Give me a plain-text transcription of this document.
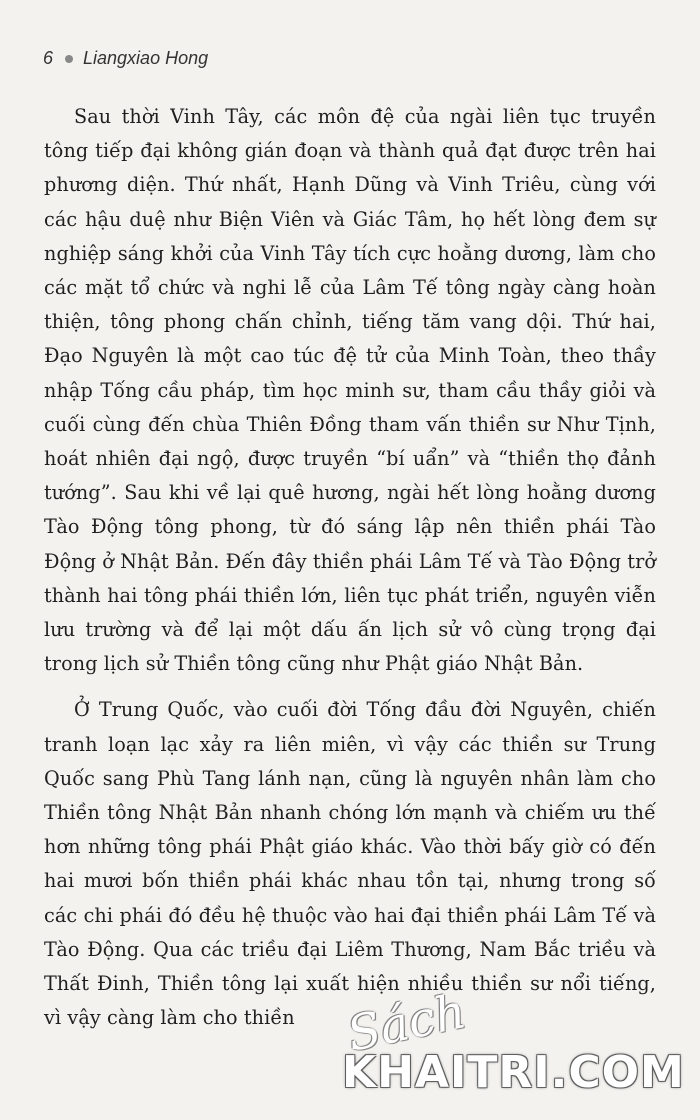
6 Liangxiao Hong

Sau thời Vinh Tây, các môn đệ của ngài liên tục truyền tông tiếp đại không gián đoạn và thành quả đạt được trên hai phương diện. Thứ nhất, Hạnh Dũng và Vinh Triêu, cùng với các hậu duệ như Biện Viên và Giác Tâm, họ hết lòng đem sự nghiệp sáng khởi của Vinh Tây tích cực hoằng dương, làm cho các mặt tổ chức và nghi lễ của Lâm Tế tông ngày càng hoàn thiện, tông phong chấn chỉnh, tiếng tăm vang dội. Thứ hai, Đạo Nguyên là một cao túc đệ tử của Minh Toàn, theo thầy nhập Tống cầu pháp, tìm học minh sư, tham cầu thầy giỏi và cuối cùng đến chùa Thiên Đồng tham vấn thiền sư Như Tịnh, hoát nhiên đại ngộ, được truyền “bí uẩn” và “thiền thọ đảnh tướng”. Sau khi về lại quê hương, ngài hết lòng hoằng dương Tào Động tông phong, từ đó sáng lập nên thiền phái Tào Động ở Nhật Bản. Đến đây thiền phái Lâm Tế và Tào Động trở thành hai tông phái thiền lớn, liên tục phát triển, nguyên viễn lưu trường và để lại một dấu ấn lịch sử vô cùng trọng đại trong lịch sử Thiền tông cũng như Phật giáo Nhật Bản.

Ở Trung Quốc, vào cuối đời Tống đầu đời Nguyên, chiến tranh loạn lạc xảy ra liên miên, vì vậy các thiền sư Trung Quốc sang Phù Tang lánh nạn, cũng là nguyên nhân làm cho Thiền tông Nhật Bản nhanh chóng lớn mạnh và chiếm ưu thế hơn những tông phái Phật giáo khác. Vào thời bấy giờ có đến hai mươi bốn thiền phái khác nhau tồn tại, nhưng trong số các chi phái đó đều hệ thuộc vào hai đại thiền phái Lâm Tế và Tào Động. Qua các triều đại Liêm Thương, Nam Bắc triều và Thất Đinh, Thiền tông lại xuất hiện nhiều thiền sư nổi tiếng, vì vậy càng làm cho thiền Sách
KHAITRI.COM
